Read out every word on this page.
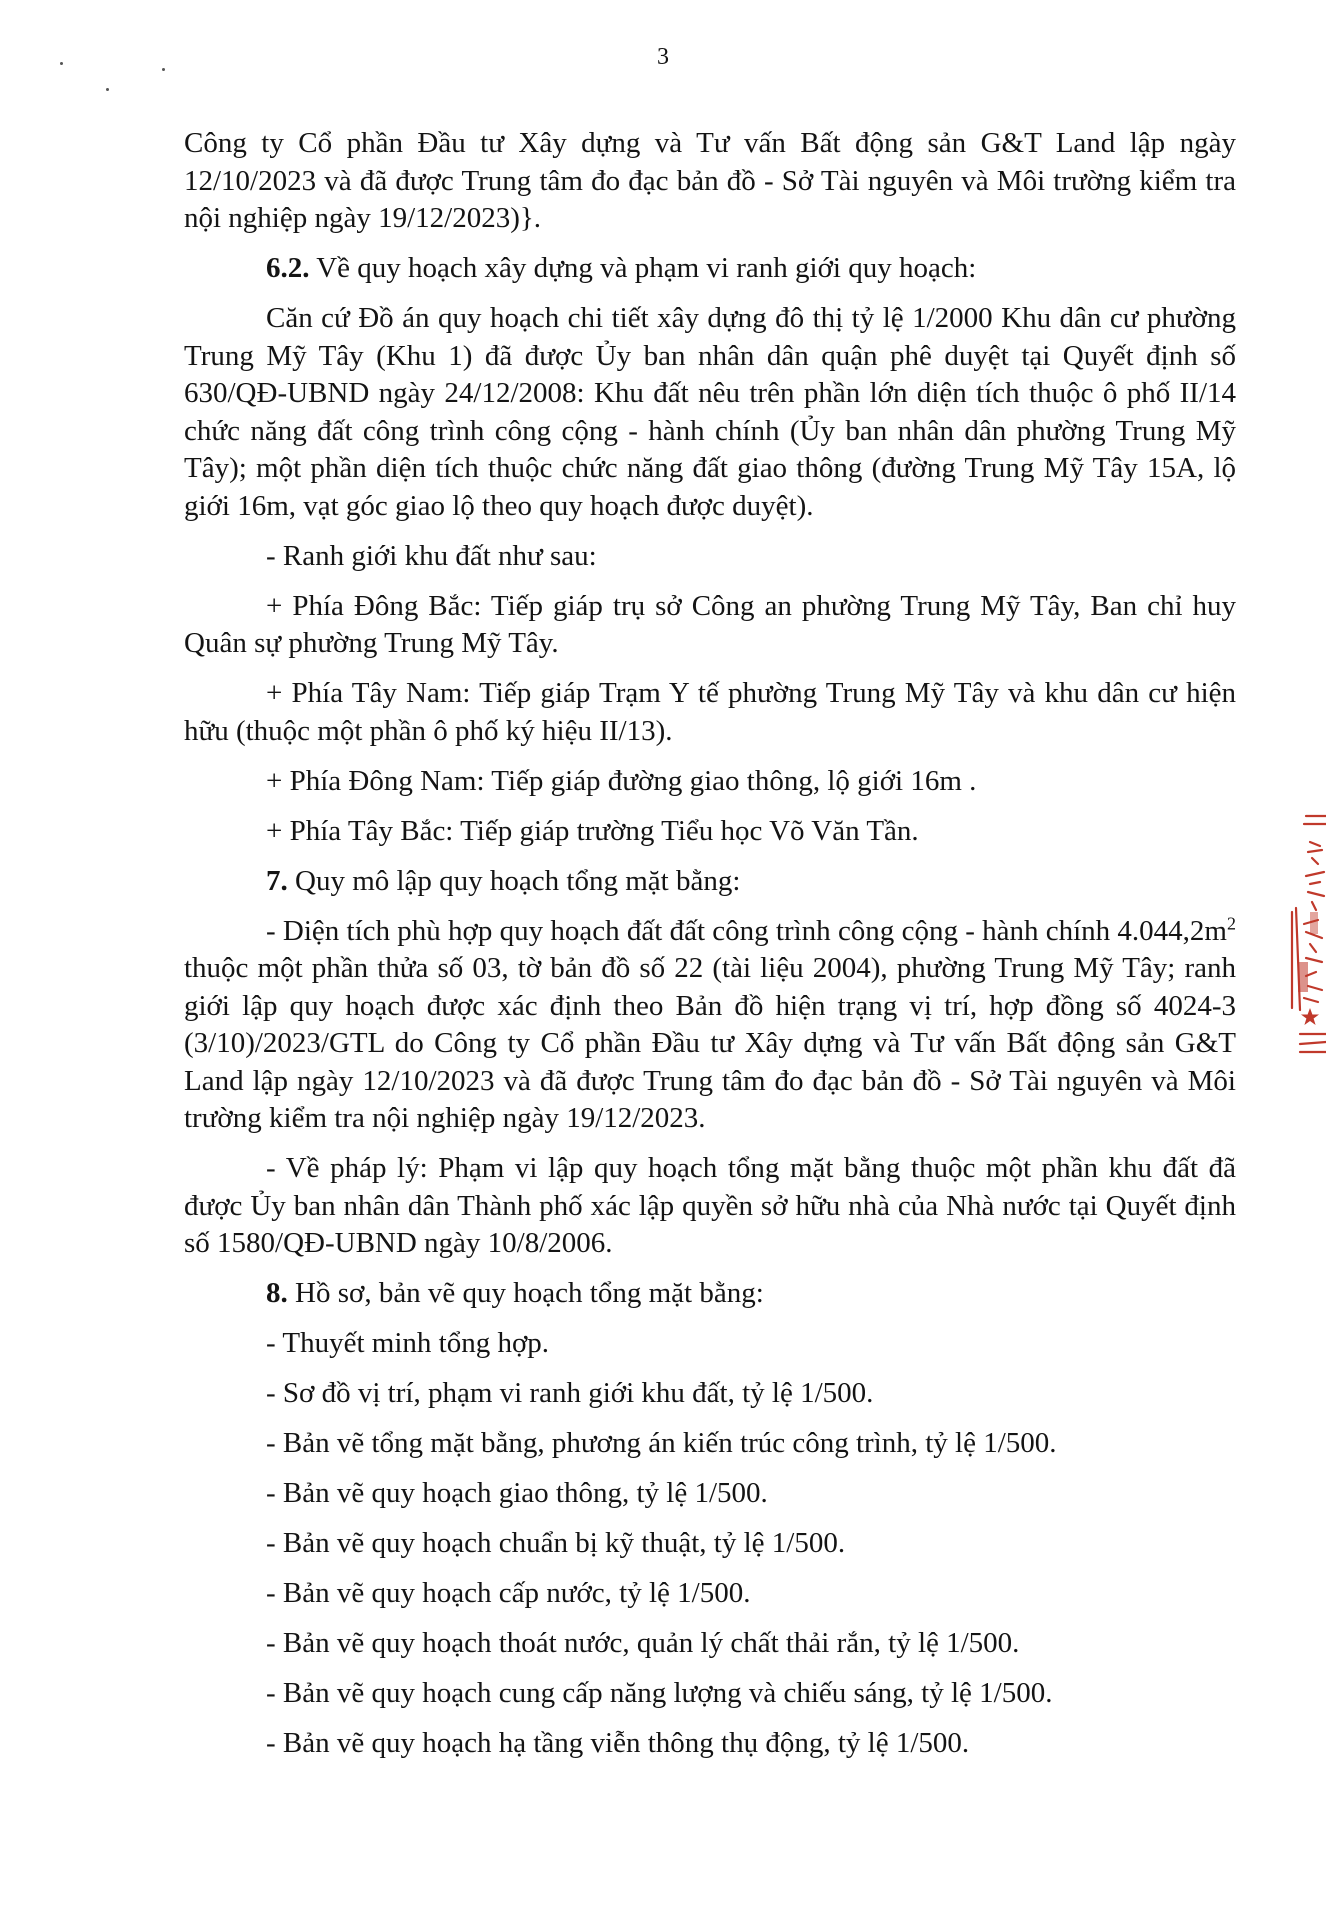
3

Công ty Cổ phần Đầu tư Xây dựng và Tư vấn Bất động sản G&T Land lập ngày 12/10/2023 và đã được Trung tâm đo đạc bản đồ - Sở Tài nguyên và Môi trường kiểm tra nội nghiệp ngày 19/12/2023)}.

6.2. Về quy hoạch xây dựng và phạm vi ranh giới quy hoạch:

Căn cứ Đồ án quy hoạch chi tiết xây dựng đô thị tỷ lệ 1/2000 Khu dân cư phường Trung Mỹ Tây (Khu 1) đã được Ủy ban nhân dân quận phê duyệt tại Quyết định số 630/QĐ-UBND ngày 24/12/2008: Khu đất nêu trên phần lớn diện tích thuộc ô phố II/14 chức năng đất công trình công cộng - hành chính (Ủy ban nhân dân phường Trung Mỹ Tây); một phần diện tích thuộc chức năng đất giao thông (đường Trung Mỹ Tây 15A, lộ giới 16m, vạt góc giao lộ theo quy hoạch được duyệt).

- Ranh giới khu đất như sau:

+ Phía Đông Bắc: Tiếp giáp trụ sở Công an phường Trung Mỹ Tây, Ban chỉ huy Quân sự phường Trung Mỹ Tây.

+ Phía Tây Nam: Tiếp giáp Trạm Y tế phường Trung Mỹ Tây và khu dân cư hiện hữu (thuộc một phần ô phố ký hiệu II/13).

+ Phía Đông Nam: Tiếp giáp đường giao thông, lộ giới 16m .

+ Phía Tây Bắc: Tiếp giáp trường Tiểu học Võ Văn Tần.

7. Quy mô lập quy hoạch tổng mặt bằng:

- Diện tích phù hợp quy hoạch đất đất công trình công cộng - hành chính $4.044,2m^2$ thuộc một phần thửa số 03, tờ bản đồ số 22 (tài liệu 2004), phường Trung Mỹ Tây; ranh giới lập quy hoạch được xác định theo Bản đồ hiện trạng vị trí, hợp đồng số 4024-3 (3/10)/2023/GTL do Công ty Cổ phần Đầu tư Xây dựng và Tư vấn Bất động sản G&T Land lập ngày 12/10/2023 và đã được Trung tâm đo đạc bản đồ - Sở Tài nguyên và Môi trường kiểm tra nội nghiệp ngày 19/12/2023.

- Về pháp lý: Phạm vi lập quy hoạch tổng mặt bằng thuộc một phần khu đất đã được Ủy ban nhân dân Thành phố xác lập quyền sở hữu nhà của Nhà nước tại Quyết định số 1580/QĐ-UBND ngày 10/8/2006.

8. Hồ sơ, bản vẽ quy hoạch tổng mặt bằng:

- Thuyết minh tổng hợp.

- Sơ đồ vị trí, phạm vi ranh giới khu đất, tỷ lệ 1/500.

- Bản vẽ tổng mặt bằng, phương án kiến trúc công trình, tỷ lệ 1/500.

- Bản vẽ quy hoạch giao thông, tỷ lệ 1/500.

- Bản vẽ quy hoạch chuẩn bị kỹ thuật, tỷ lệ 1/500.

- Bản vẽ quy hoạch cấp nước, tỷ lệ 1/500.

- Bản vẽ quy hoạch thoát nước, quản lý chất thải rắn, tỷ lệ 1/500.

- Bản vẽ quy hoạch cung cấp năng lượng và chiếu sáng, tỷ lệ 1/500.

- Bản vẽ quy hoạch hạ tầng viễn thông thụ động, tỷ lệ 1/500.
